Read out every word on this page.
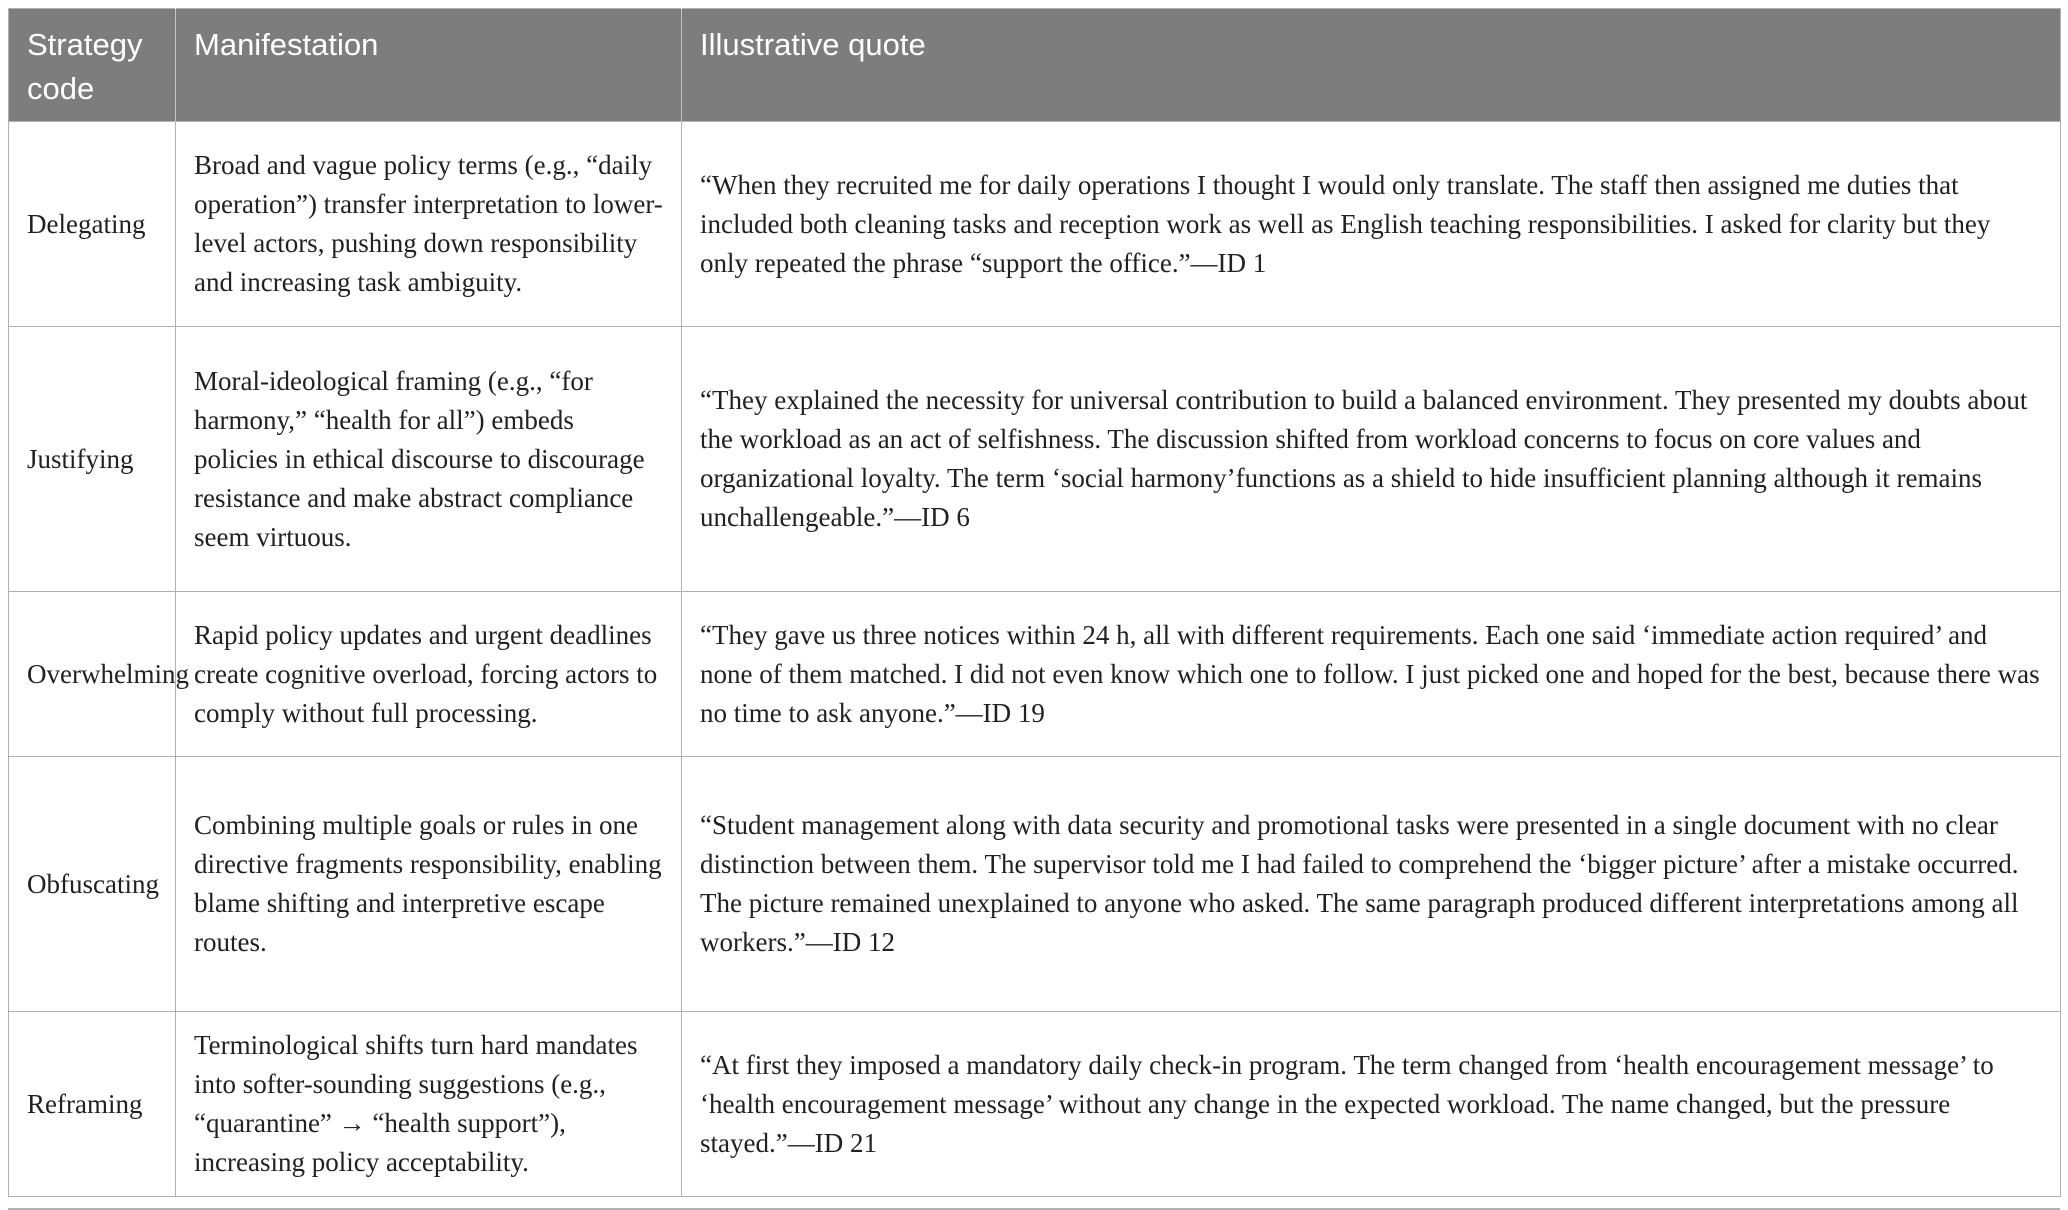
Strategy code	Manifestation	Illustrative quote
Delegating	Broad and vague policy terms (e.g., “daily operation”) transfer interpretation to lower-level actors, pushing down responsibility and increasing task ambiguity.	“When they recruited me for daily operations I thought I would only translate. The staff then assigned me duties that included both cleaning tasks and reception work as well as English teaching responsibilities. I asked for clarity but they only repeated the phrase “support the office.”—ID 1
Justifying	Moral-ideological framing (e.g., “for harmony,” “health for all”) embeds policies in ethical discourse to discourage resistance and make abstract compliance seem virtuous.	“They explained the necessity for universal contribution to build a balanced environment. They presented my doubts about the workload as an act of selfishness. The discussion shifted from workload concerns to focus on core values and organizational loyalty. The term ‘social harmony’functions as a shield to hide insufficient planning although it remains unchallengeable.”—ID 6
Overwhelming	Rapid policy updates and urgent deadlines create cognitive overload, forcing actors to comply without full processing.	“They gave us three notices within 24 h, all with different requirements. Each one said ‘immediate action required’ and none of them matched. I did not even know which one to follow. I just picked one and hoped for the best, because there was no time to ask anyone.”—ID 19
Obfuscating	Combining multiple goals or rules in one directive fragments responsibility, enabling blame shifting and interpretive escape routes.	“Student management along with data security and promotional tasks were presented in a single document with no clear distinction between them. The supervisor told me I had failed to comprehend the ‘bigger picture’ after a mistake occurred. The picture remained unexplained to anyone who asked. The same paragraph produced different interpretations among all workers.”—ID 12
Reframing	Terminological shifts turn hard mandates into softer-sounding suggestions (e.g., “quarantine” → “health support”), increasing policy acceptability.	“At first they imposed a mandatory daily check-in program. The term changed from ‘health encouragement message’ to ‘health encouragement message’ without any change in the expected workload. The name changed, but the pressure stayed.”—ID 21
